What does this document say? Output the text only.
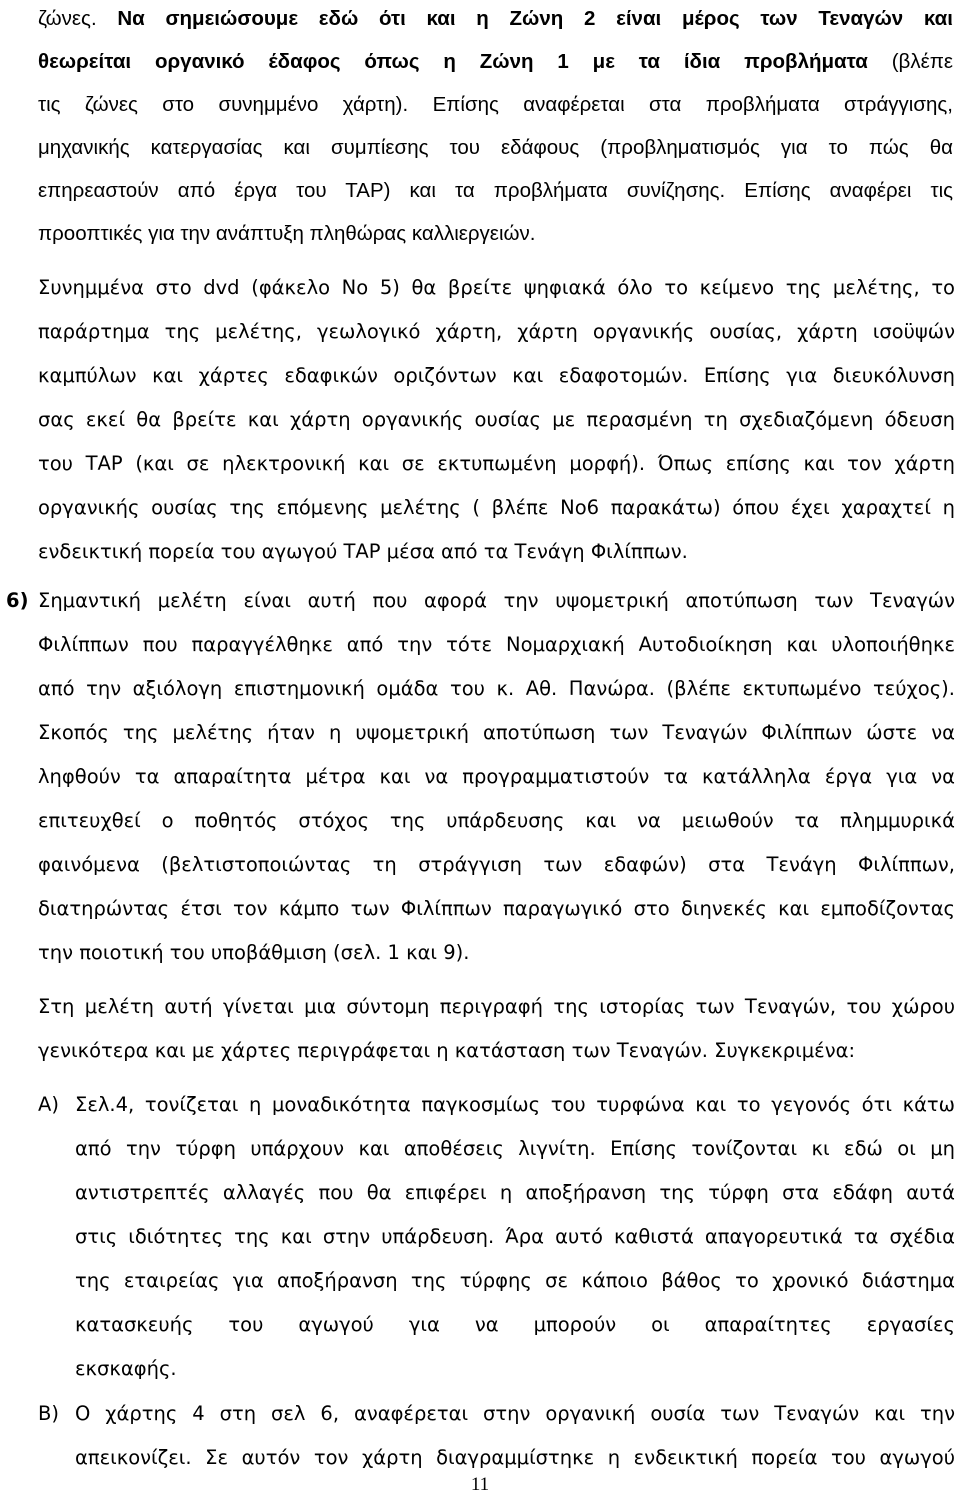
ζώνες. Να σημειώσουμε εδώ ότι και η Ζώνη 2 είναι μέρος των Τεναγών και
θεωρείται οργανικό έδαφος όπως η Ζώνη 1 με τα ίδια προβλήματα (βλέπε
τις ζώνες στο συνημμένο χάρτη). Επίσης αναφέρεται στα προβλήματα στράγγισης,
μηχανικής κατεργασίας και συμπίεσης του εδάφους (προβληματισμός για το πώς θα
επηρεαστούν από έργα του ΤΑΡ) και τα προβλήματα συνίζησης. Επίσης αναφέρει τις
προοπτικές για την ανάπτυξη πληθώρας καλλιεργειών.
Συνημμένα στο dvd (φάκελο Νο 5) θα βρείτε ψηφιακά όλο το κείμενο της μελέτης, το
παράρτημα της μελέτης, γεωλογικό χάρτη, χάρτη οργανικής ουσίας, χάρτη ισοϋψών
καμπύλων και χάρτες εδαφικών οριζόντων και εδαφοτομών. Επίσης για διευκόλυνση
σας εκεί θα βρείτε και χάρτη οργανικής ουσίας με περασμένη τη σχεδιαζόμενη όδευση
του ΤΑΡ (και σε ηλεκτρονική και σε εκτυπωμένη μορφή). Όπως επίσης και τον χάρτη
οργανικής ουσίας της επόμενης μελέτης ( βλέπε Νο6 παρακάτω) όπου έχει χαραχτεί η
ενδεικτική πορεία του αγωγού ΤΑΡ μέσα από τα Τενάγη Φιλίππων.
6) Σημαντική μελέτη είναι αυτή που αφορά την υψομετρική αποτύπωση των Τεναγών
Φιλίππων που παραγγέλθηκε από την τότε Νομαρχιακή Αυτοδιοίκηση και υλοποιήθηκε
από την αξιόλογη επιστημονική ομάδα του κ. Αθ. Πανώρα. (βλέπε εκτυπωμένο τεύχος).
Σκοπός της μελέτης ήταν η υψομετρική αποτύπωση των Τεναγών Φιλίππων ώστε να
ληφθούν τα απαραίτητα μέτρα και να προγραμματιστούν τα κατάλληλα έργα για να
επιτευχθεί ο ποθητός στόχος της υπάρδευσης και να μειωθούν τα πλημμυρικά
φαινόμενα (βελτιστοποιώντας τη στράγγιση των εδαφών) στα Τενάγη Φιλίππων,
διατηρώντας έτσι τον κάμπο των Φιλίππων παραγωγικό στο διηνεκές και εμποδίζοντας
την ποιοτική του υποβάθμιση (σελ. 1 και 9).
Στη μελέτη αυτή γίνεται μια σύντομη περιγραφή της ιστορίας των Τεναγών, του χώρου
γενικότερα και με χάρτες περιγράφεται η κατάσταση των Τεναγών. Συγκεκριμένα:
Α) Σελ.4, τονίζεται η μοναδικότητα παγκοσμίως του τυρφώνα και το γεγονός ότι κάτω
από την τύρφη υπάρχουν και αποθέσεις λιγνίτη. Επίσης τονίζονται κι εδώ οι μη
αντιστρεπτές αλλαγές που θα επιφέρει η αποξήρανση της τύρφη στα εδάφη αυτά
στις ιδιότητες της και στην υπάρδευση. Άρα αυτό καθιστά απαγορευτικά τα σχέδια
της εταιρείας για αποξήρανση της τύρφης σε κάποιο βάθος το χρονικό διάστημα
κατασκευής του αγωγού για να μπορούν οι απαραίτητες εργασίες
εκσκαφής.
Β) Ο χάρτης 4 στη σελ 6, αναφέρεται στην οργανική ουσία των Τεναγών και την
απεικονίζει. Σε αυτόν τον χάρτη διαγραμμίστηκε η ενδεικτική πορεία του αγωγού
11
